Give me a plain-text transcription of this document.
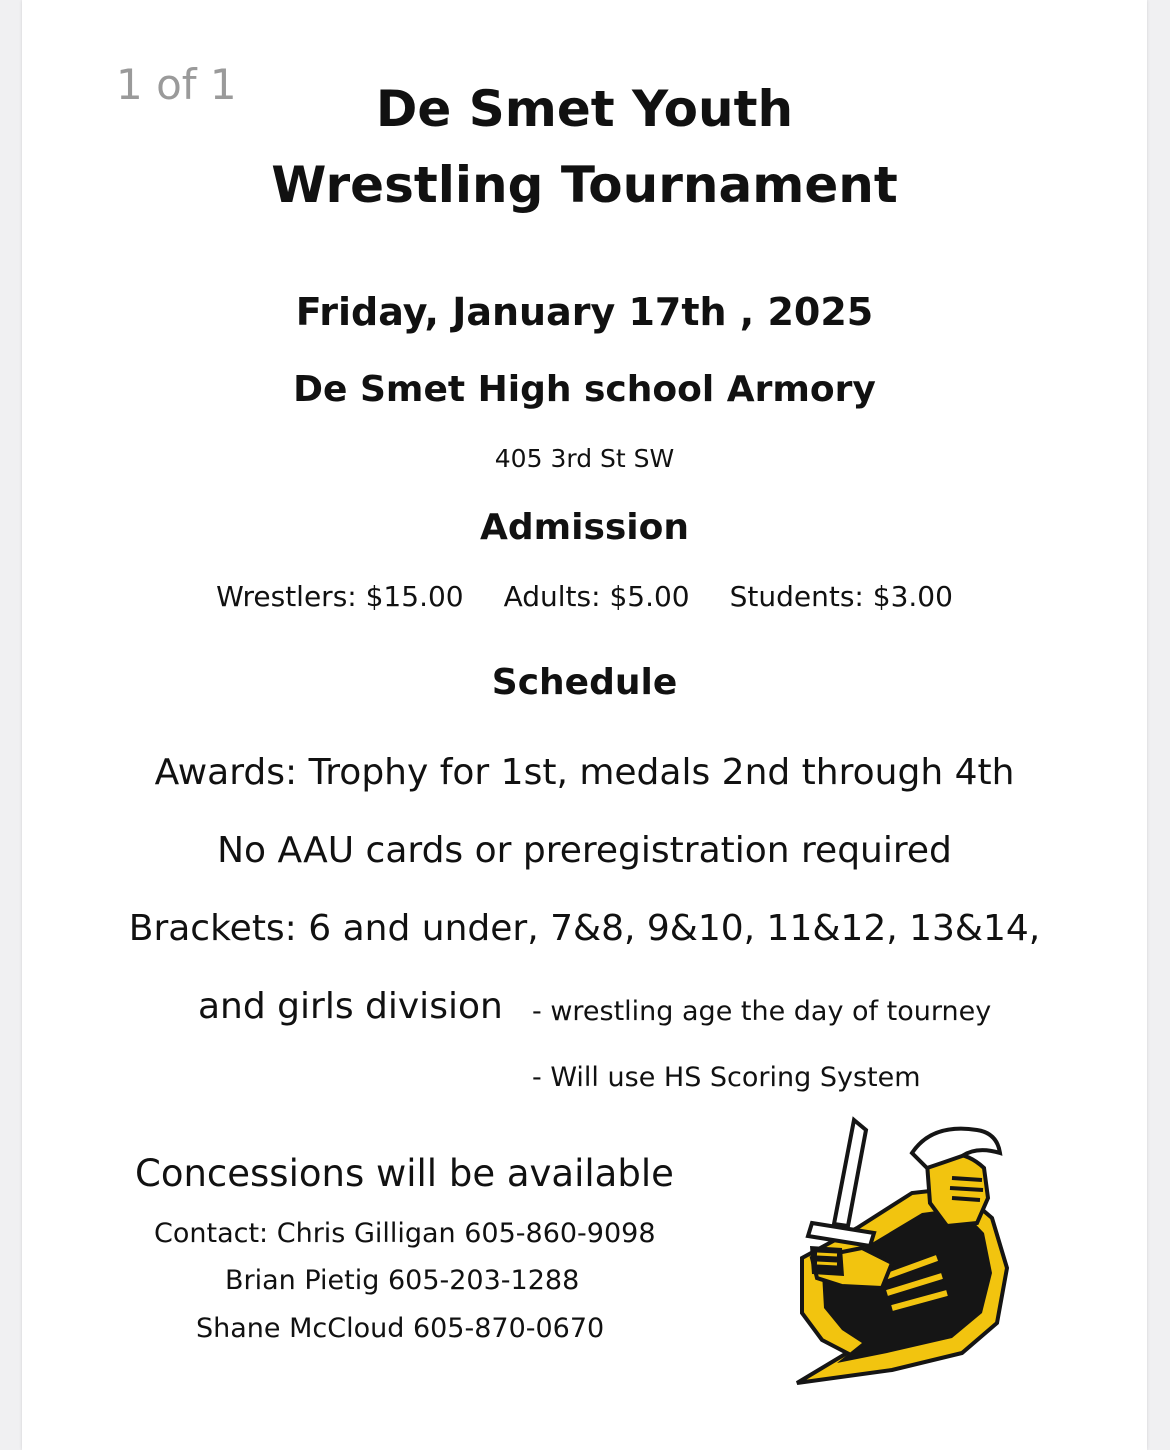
1 of 1	De Smet Youth
Wrestling Tournament
Friday, January 17th , 2025
De Smet High school Armory
405 3rd St SW
Admission
Wrestlers: $15.00 Adults: $5.00 Students: $3.00
Schedule
Awards: Trophy for 1st, medals 2nd through 4th
No AAU cards or preregistration required
Brackets: 6 and under, 7&8, 9&10, 11&12, 13&14,
and girls division - wrestling age the day of tourney
- Will use HS Scoring System
Concessions will be available
Contact: Chris Gilligan 605-860-9098
Brian Pietig 605-203-1288
Shane McCloud 605-870-0670
